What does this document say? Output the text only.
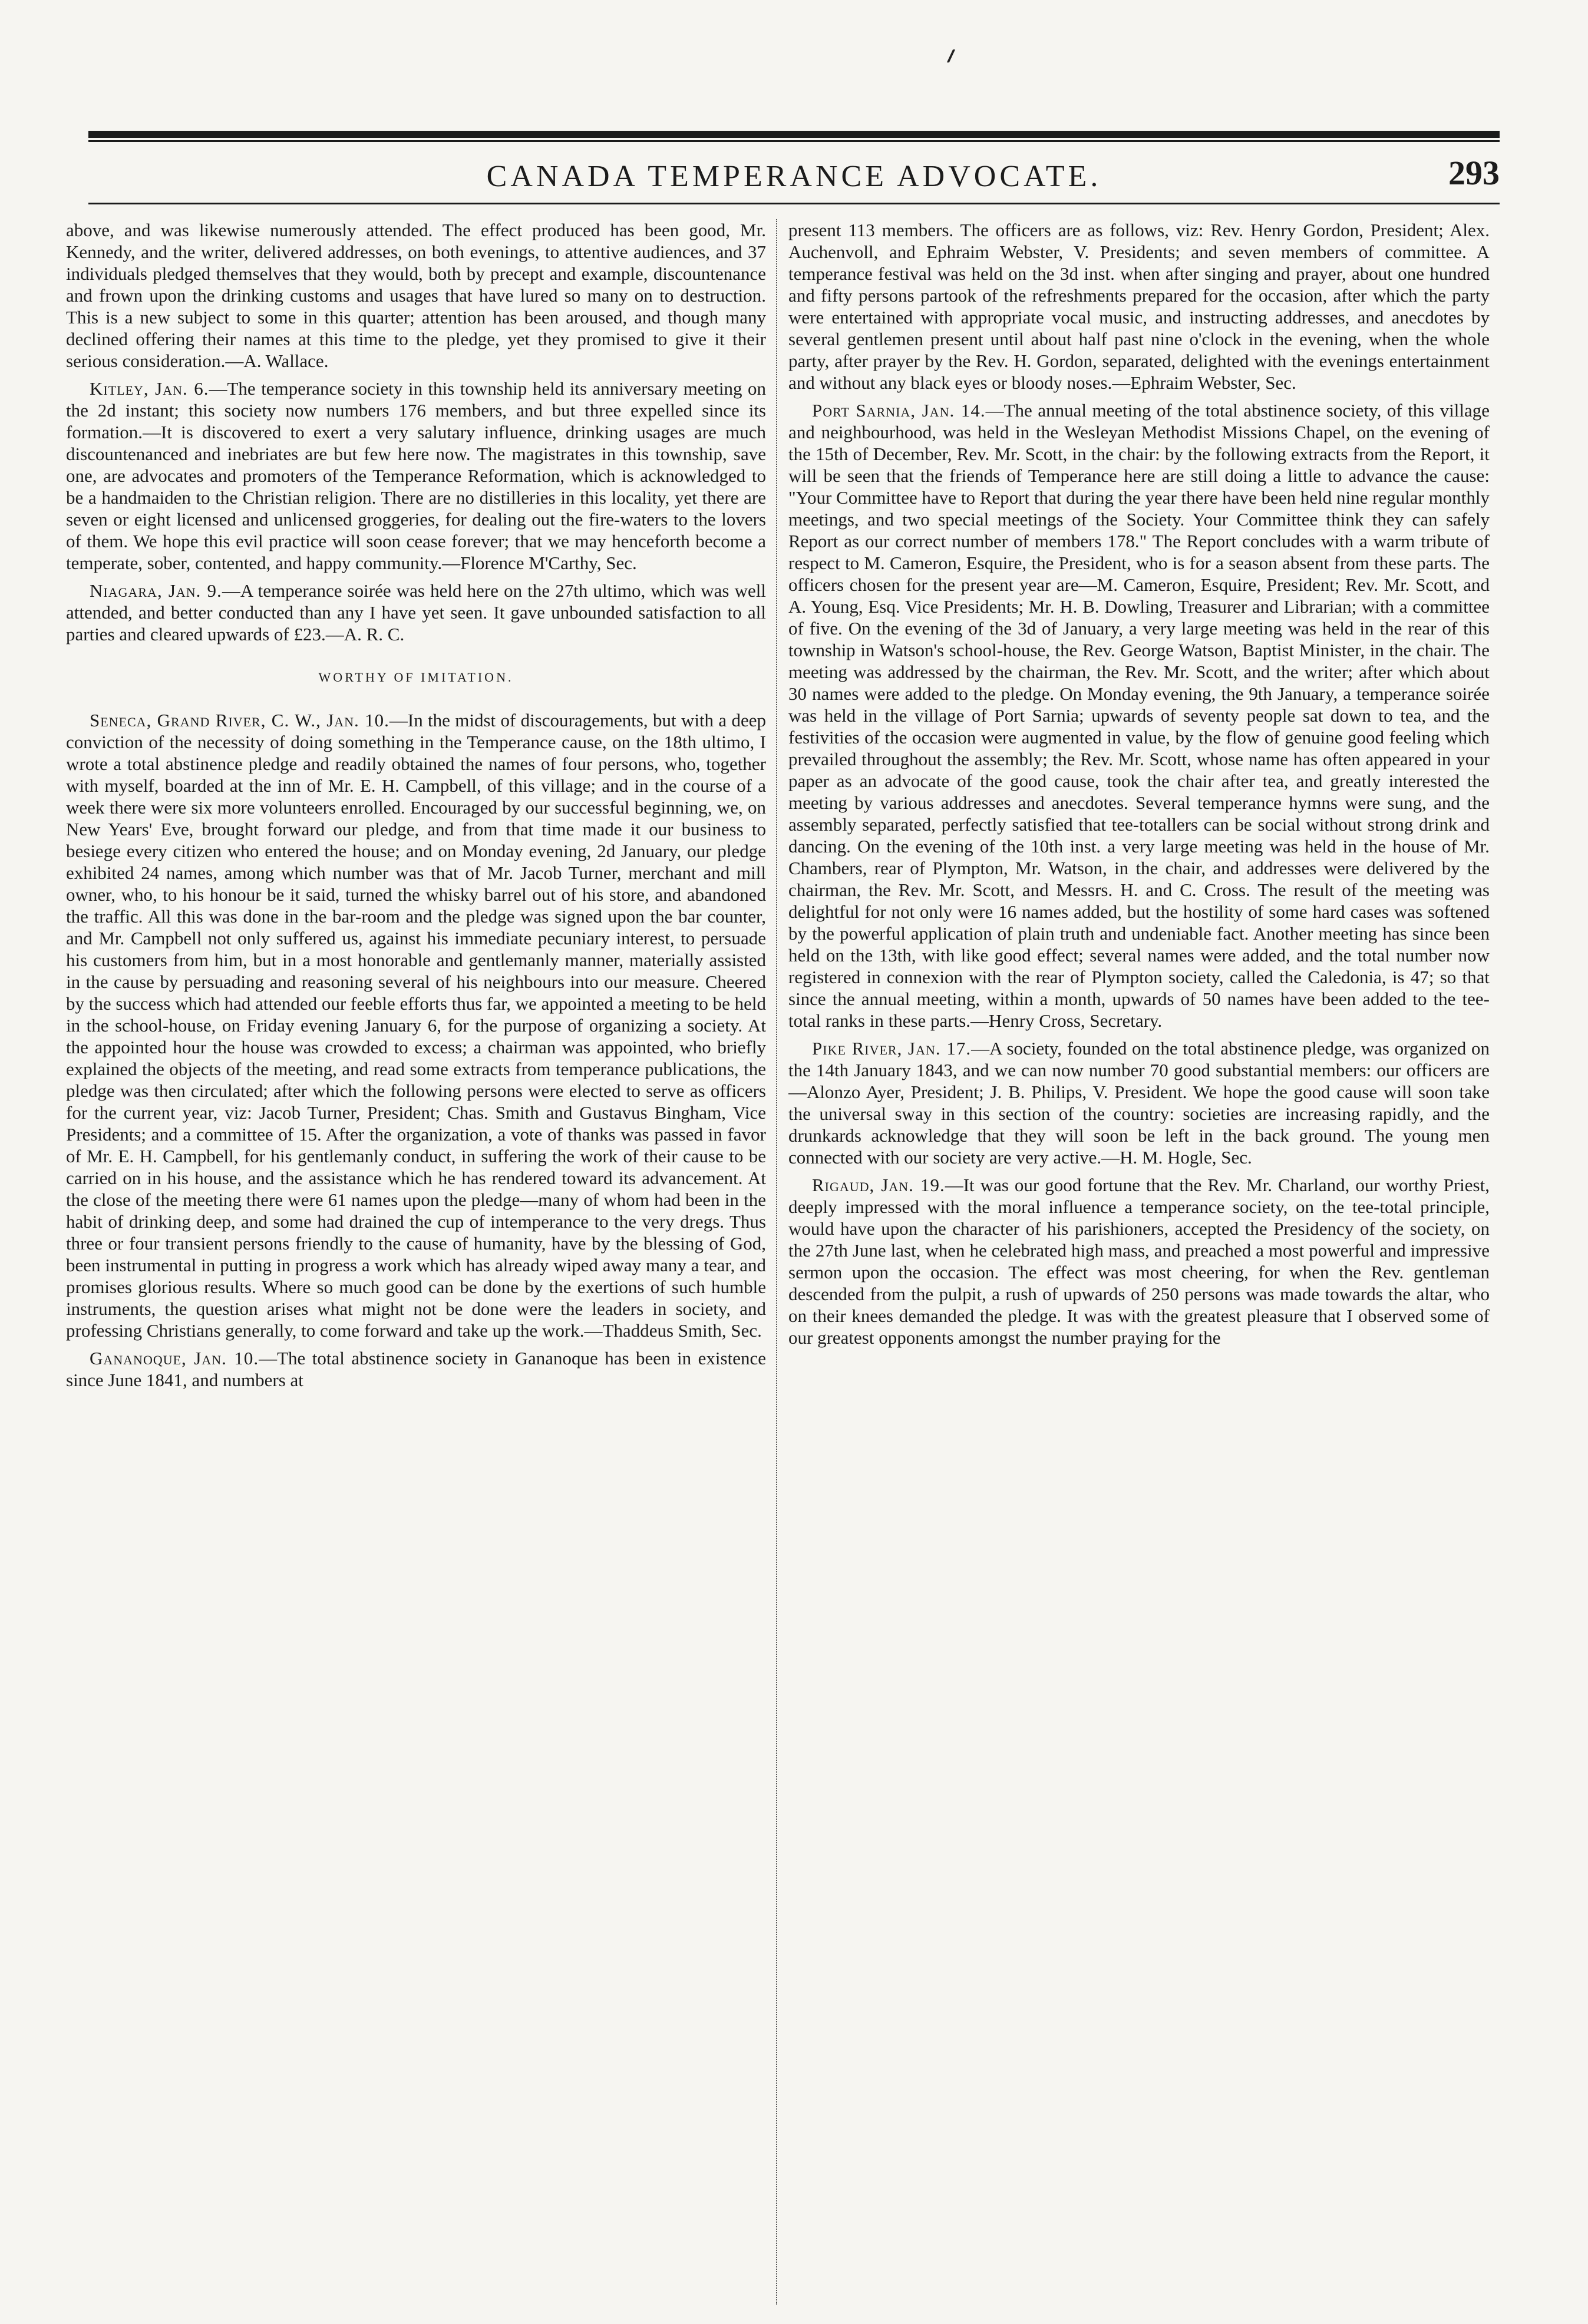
CANADA TEMPERANCE ADVOCATE.	293

above, and was likewise numerously attended. The effect produced has been good, Mr. Kennedy, and the writer, delivered addresses, on both evenings, to attentive audiences, and 37 individuals pledged themselves that they would, both by precept and example, discountenance and frown upon the drinking customs and usages that have lured so many on to destruction. This is a new subject to some in this quarter; attention has been aroused, and though many declined offering their names at this time to the pledge, yet they promised to give it their serious consideration.—A. Wallace.

Kitley, Jan. 6.—The temperance society in this township held its anniversary meeting on the 2d instant; this society now numbers 176 members, and but three expelled since its formation.—It is discovered to exert a very salutary influence, drinking usages are much discountenanced and inebriates are but few here now. The magistrates in this township, save one, are advocates and promoters of the Temperance Reformation, which is acknowledged to be a handmaiden to the Christian religion. There are no distilleries in this locality, yet there are seven or eight licensed and unlicensed groggeries, for dealing out the fire-waters to the lovers of them. We hope this evil practice will soon cease forever; that we may henceforth become a temperate, sober, contented, and happy community.—Florence M'Carthy, Sec.

Niagara, Jan. 9.—A temperance soirée was held here on the 27th ultimo, which was well attended, and better conducted than any I have yet seen. It gave unbounded satisfaction to all parties and cleared upwards of £23.—A. R. C.

WORTHY OF IMITATION.

Seneca, Grand River, C. W., Jan. 10.—In the midst of discouragements, but with a deep conviction of the necessity of doing something in the Temperance cause, on the 18th ultimo, I wrote a total abstinence pledge and readily obtained the names of four persons, who, together with myself, boarded at the inn of Mr. E. H. Campbell, of this village; and in the course of a week there were six more volunteers enrolled. Encouraged by our successful beginning, we, on New Years' Eve, brought forward our pledge, and from that time made it our business to besiege every citizen who entered the house; and on Monday evening, 2d January, our pledge exhibited 24 names, among which number was that of Mr. Jacob Turner, merchant and mill owner, who, to his honour be it said, turned the whisky barrel out of his store, and abandoned the traffic. All this was done in the bar-room and the pledge was signed upon the bar counter, and Mr. Campbell not only suffered us, against his immediate pecuniary interest, to persuade his customers from him, but in a most honorable and gentlemanly manner, materially assisted in the cause by persuading and reasoning several of his neighbours into our measure. Cheered by the success which had attended our feeble efforts thus far, we appointed a meeting to be held in the school-house, on Friday evening January 6, for the purpose of organizing a society. At the appointed hour the house was crowded to excess; a chairman was appointed, who briefly explained the objects of the meeting, and read some extracts from temperance publications, the pledge was then circulated; after which the following persons were elected to serve as officers for the current year, viz: Jacob Turner, President; Chas. Smith and Gustavus Bingham, Vice Presidents; and a committee of 15. After the organization, a vote of thanks was passed in favor of Mr. E. H. Campbell, for his gentlemanly conduct, in suffering the work of their cause to be carried on in his house, and the assistance which he has rendered toward its advancement. At the close of the meeting there were 61 names upon the pledge—many of whom had been in the habit of drinking deep, and some had drained the cup of intemperance to the very dregs. Thus three or four transient persons friendly to the cause of humanity, have by the blessing of God, been instrumental in putting in progress a work which has already wiped away many a tear, and promises glorious results. Where so much good can be done by the exertions of such humble instruments, the question arises what might not be done were the leaders in society, and professing Christians generally, to come forward and take up the work.—Thaddeus Smith, Sec.

Gananoque, Jan. 10.—The total abstinence society in Gananoque has been in existence since June 1841, and numbers at

present 113 members. The officers are as follows, viz: Rev. Henry Gordon, President; Alex. Auchenvoll, and Ephraim Webster, V. Presidents; and seven members of committee. A temperance festival was held on the 3d inst. when after singing and prayer, about one hundred and fifty persons partook of the refreshments prepared for the occasion, after which the party were entertained with appropriate vocal music, and instructing addresses, and anecdotes by several gentlemen present until about half past nine o'clock in the evening, when the whole party, after prayer by the Rev. H. Gordon, separated, delighted with the evenings entertainment and without any black eyes or bloody noses.—Ephraim Webster, Sec.

Port Sarnia, Jan. 14.—The annual meeting of the total abstinence society, of this village and neighbourhood, was held in the Wesleyan Methodist Missions Chapel, on the evening of the 15th of December, Rev. Mr. Scott, in the chair: by the following extracts from the Report, it will be seen that the friends of Temperance here are still doing a little to advance the cause: "Your Committee have to Report that during the year there have been held nine regular monthly meetings, and two special meetings of the Society. Your Committee think they can safely Report as our correct number of members 178." The Report concludes with a warm tribute of respect to M. Cameron, Esquire, the President, who is for a season absent from these parts. The officers chosen for the present year are—M. Cameron, Esquire, President; Rev. Mr. Scott, and A. Young, Esq. Vice Presidents; Mr. H. B. Dowling, Treasurer and Librarian; with a committee of five. On the evening of the 3d of January, a very large meeting was held in the rear of this township in Watson's school-house, the Rev. George Watson, Baptist Minister, in the chair. The meeting was addressed by the chairman, the Rev. Mr. Scott, and the writer; after which about 30 names were added to the pledge. On Monday evening, the 9th January, a temperance soirée was held in the village of Port Sarnia; upwards of seventy people sat down to tea, and the festivities of the occasion were augmented in value, by the flow of genuine good feeling which prevailed throughout the assembly; the Rev. Mr. Scott, whose name has often appeared in your paper as an advocate of the good cause, took the chair after tea, and greatly interested the meeting by various addresses and anecdotes. Several temperance hymns were sung, and the assembly separated, perfectly satisfied that tee-totallers can be social without strong drink and dancing. On the evening of the 10th inst. a very large meeting was held in the house of Mr. Chambers, rear of Plympton, Mr. Watson, in the chair, and addresses were delivered by the chairman, the Rev. Mr. Scott, and Messrs. H. and C. Cross. The result of the meeting was delightful for not only were 16 names added, but the hostility of some hard cases was softened by the powerful application of plain truth and undeniable fact. Another meeting has since been held on the 13th, with like good effect; several names were added, and the total number now registered in connexion with the rear of Plympton society, called the Caledonia, is 47; so that since the annual meeting, within a month, upwards of 50 names have been added to the tee-total ranks in these parts.—Henry Cross, Secretary.

Pike River, Jan. 17.—A society, founded on the total abstinence pledge, was organized on the 14th January 1843, and we can now number 70 good substantial members: our officers are—Alonzo Ayer, President; J. B. Philips, V. President. We hope the good cause will soon take the universal sway in this section of the country: societies are increasing rapidly, and the drunkards acknowledge that they will soon be left in the back ground. The young men connected with our society are very active.—H. M. Hogle, Sec.

Rigaud, Jan. 19.—It was our good fortune that the Rev. Mr. Charland, our worthy Priest, deeply impressed with the moral influence a temperance society, on the tee-total principle, would have upon the character of his parishioners, accepted the Presidency of the society, on the 27th June last, when he celebrated high mass, and preached a most powerful and impressive sermon upon the occasion. The effect was most cheering, for when the Rev. gentleman descended from the pulpit, a rush of upwards of 250 persons was made towards the altar, who on their knees demanded the pledge. It was with the greatest pleasure that I observed some of our greatest opponents amongst the number praying for the
